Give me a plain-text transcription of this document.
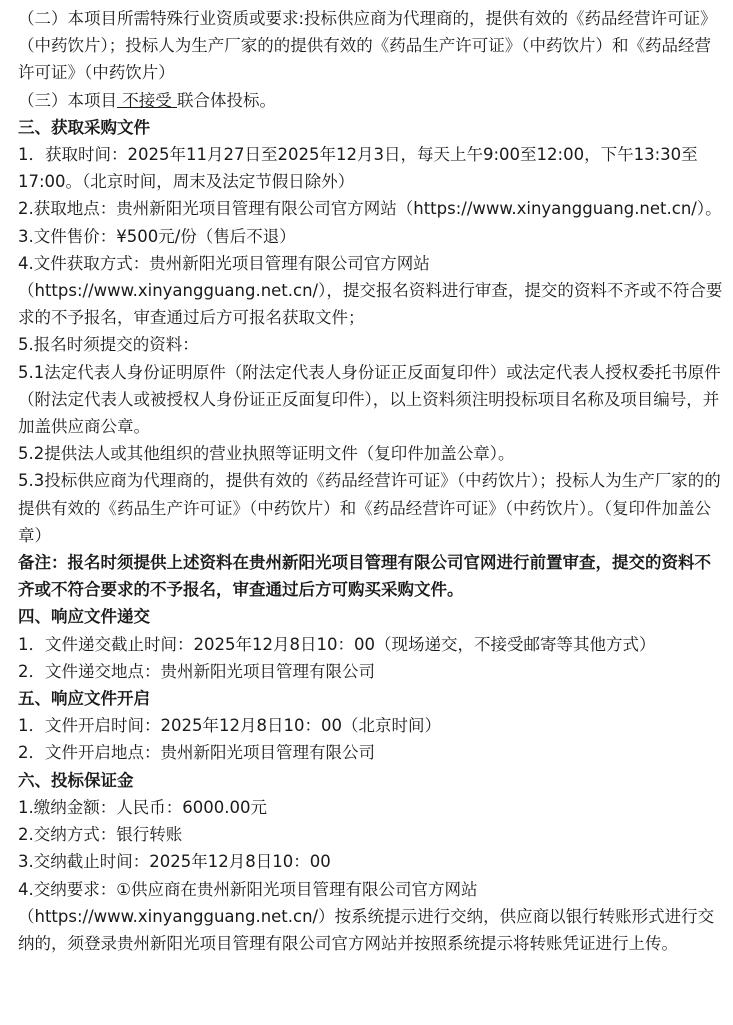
（二）本项目所需特殊行业资质或要求:投标供应商为代理商的，提供有效的《药品经营许可证》（中药饮片）；投标人为生产厂家的的提供有效的《药品生产许可证》（中药饮片）和《药品经营许可证》（中药饮片）

（三）本项目 不接受 联合体投标。

三、获取采购文件

1．获取时间：2025年11月27日至2025年12月3日，每天上午9:00至12:00，下午13:30至17:00。（北京时间，周末及法定节假日除外）

2.获取地点：贵州新阳光项目管理有限公司官方网站（https://www.xinyangguang.net.cn/）。

3.文件售价：¥500元/份（售后不退）

4.文件获取方式：贵州新阳光项目管理有限公司官方网站（https://www.xinyangguang.net.cn/），提交报名资料进行审查，提交的资料不齐或不符合要求的不予报名，审查通过后方可报名获取文件；

5.报名时须提交的资料：

5.1法定代表人身份证明原件（附法定代表人身份证正反面复印件）或法定代表人授权委托书原件（附法定代表人或被授权人身份证正反面复印件），以上资料须注明投标项目名称及项目编号，并加盖供应商公章。

5.2提供法人或其他组织的营业执照等证明文件（复印件加盖公章）。

5.3投标供应商为代理商的，提供有效的《药品经营许可证》（中药饮片）；投标人为生产厂家的的提供有效的《药品生产许可证》（中药饮片）和《药品经营许可证》（中药饮片）。（复印件加盖公章）

备注：报名时须提供上述资料在贵州新阳光项目管理有限公司官网进行前置审查，提交的资料不齐或不符合要求的不予报名，审查通过后方可购买采购文件。

四、响应文件递交

1．文件递交截止时间：2025年12月8日10：00（现场递交，不接受邮寄等其他方式）

2．文件递交地点：贵州新阳光项目管理有限公司

五、响应文件开启

1．文件开启时间：2025年12月8日10：00（北京时间）

2．文件开启地点：贵州新阳光项目管理有限公司

六、投标保证金

1.缴纳金额：人民币：6000.00元

2.交纳方式：银行转账

3.交纳截止时间：2025年12月8日10：00

4.交纳要求：①供应商在贵州新阳光项目管理有限公司官方网站（https://www.xinyangguang.net.cn/）按系统提示进行交纳，供应商以银行转账形式进行交纳的，须登录贵州新阳光项目管理有限公司官方网站并按照系统提示将转账凭证进行上传。
